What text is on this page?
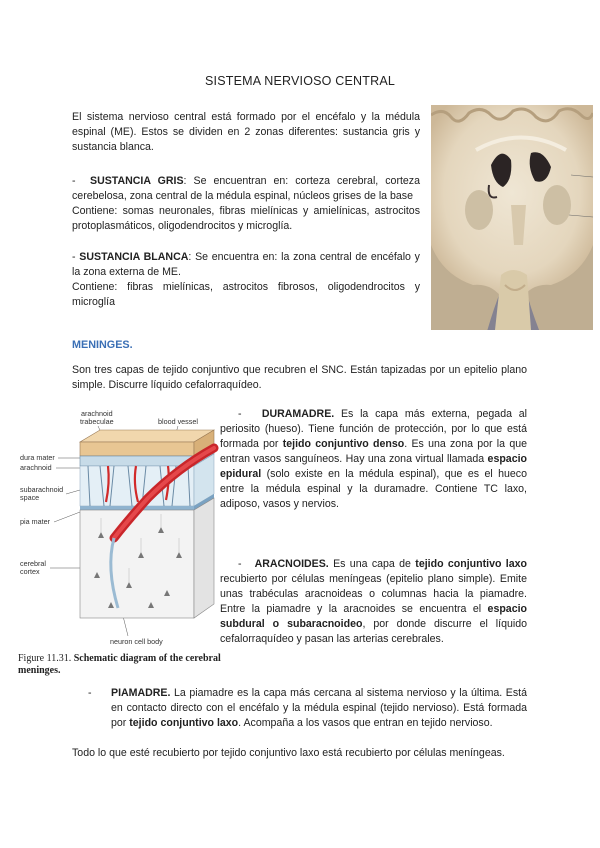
SISTEMA NERVIOSO CENTRAL

El sistema nervioso central está formado por el encéfalo y la médula espinal (ME). Estos se dividen en 2 zonas diferentes: sustancia gris y sustancia blanca.

- SUSTANCIA GRIS: Se encuentran en: corteza cerebral, corteza cerebelosa, zona central de la médula espinal, núcleos grises de la base

Contiene: somas neuronales, fibras mielínicas y amielínicas, astrocitos protoplasmáticos, oligodendrocitos y microglía.

- SUSTANCIA BLANCA: Se encuentra en: la zona central de encéfalo y la zona externa de ME.

Contiene: fibras mielínicas, astrocitos fibrosos, oligodendrocitos y microglía

MENINGES.

Son tres capas de tejido conjuntivo que recubren el SNC. Están tapizadas por un epitelio plano simple. Discurre líquido cefalorraquídeo.

arachnoid
trabeculae	blood vessel
dura mater
arachnoid
subarachnoid
space
pia mater
cerebral
cortex
neuron cell body
Figure 11.31. Schematic diagram of the cerebral meninges.

- DURAMADRE. Es la capa más externa, pegada al periosito (hueso). Tiene función de protección, por lo que está formada por tejido conjuntivo denso. Es una zona por la que entran vasos sanguíneos. Hay una zona virtual llamada espacio epidural (solo existe en la médula espinal), que es el hueco entre la médula espinal y la duramadre. Contiene TC laxo, adiposo, vasos y nervios.

- ARACNOIDES. Es una capa de tejido conjuntivo laxo recubierto por células meníngeas (epitelio plano simple). Emite unas trabéculas aracnoideas o columnas hacia la piamadre. Entre la piamadre y la aracnoides se encuentra el espacio subdural o subaracnoideo, por donde discurre el líquido cefalorraquídeo y pasan las arterias cerebrales.

-	PIAMADRE. La piamadre es la capa más cercana al sistema nervioso y la última. Está en contacto directo con el encéfalo y la médula espinal (tejido nervioso). Está formada por tejido conjuntivo laxo. Acompaña a los vasos que entran en tejido nervioso.

Todo lo que esté recubierto por tejido conjuntivo laxo está recubierto por células meníngeas.
